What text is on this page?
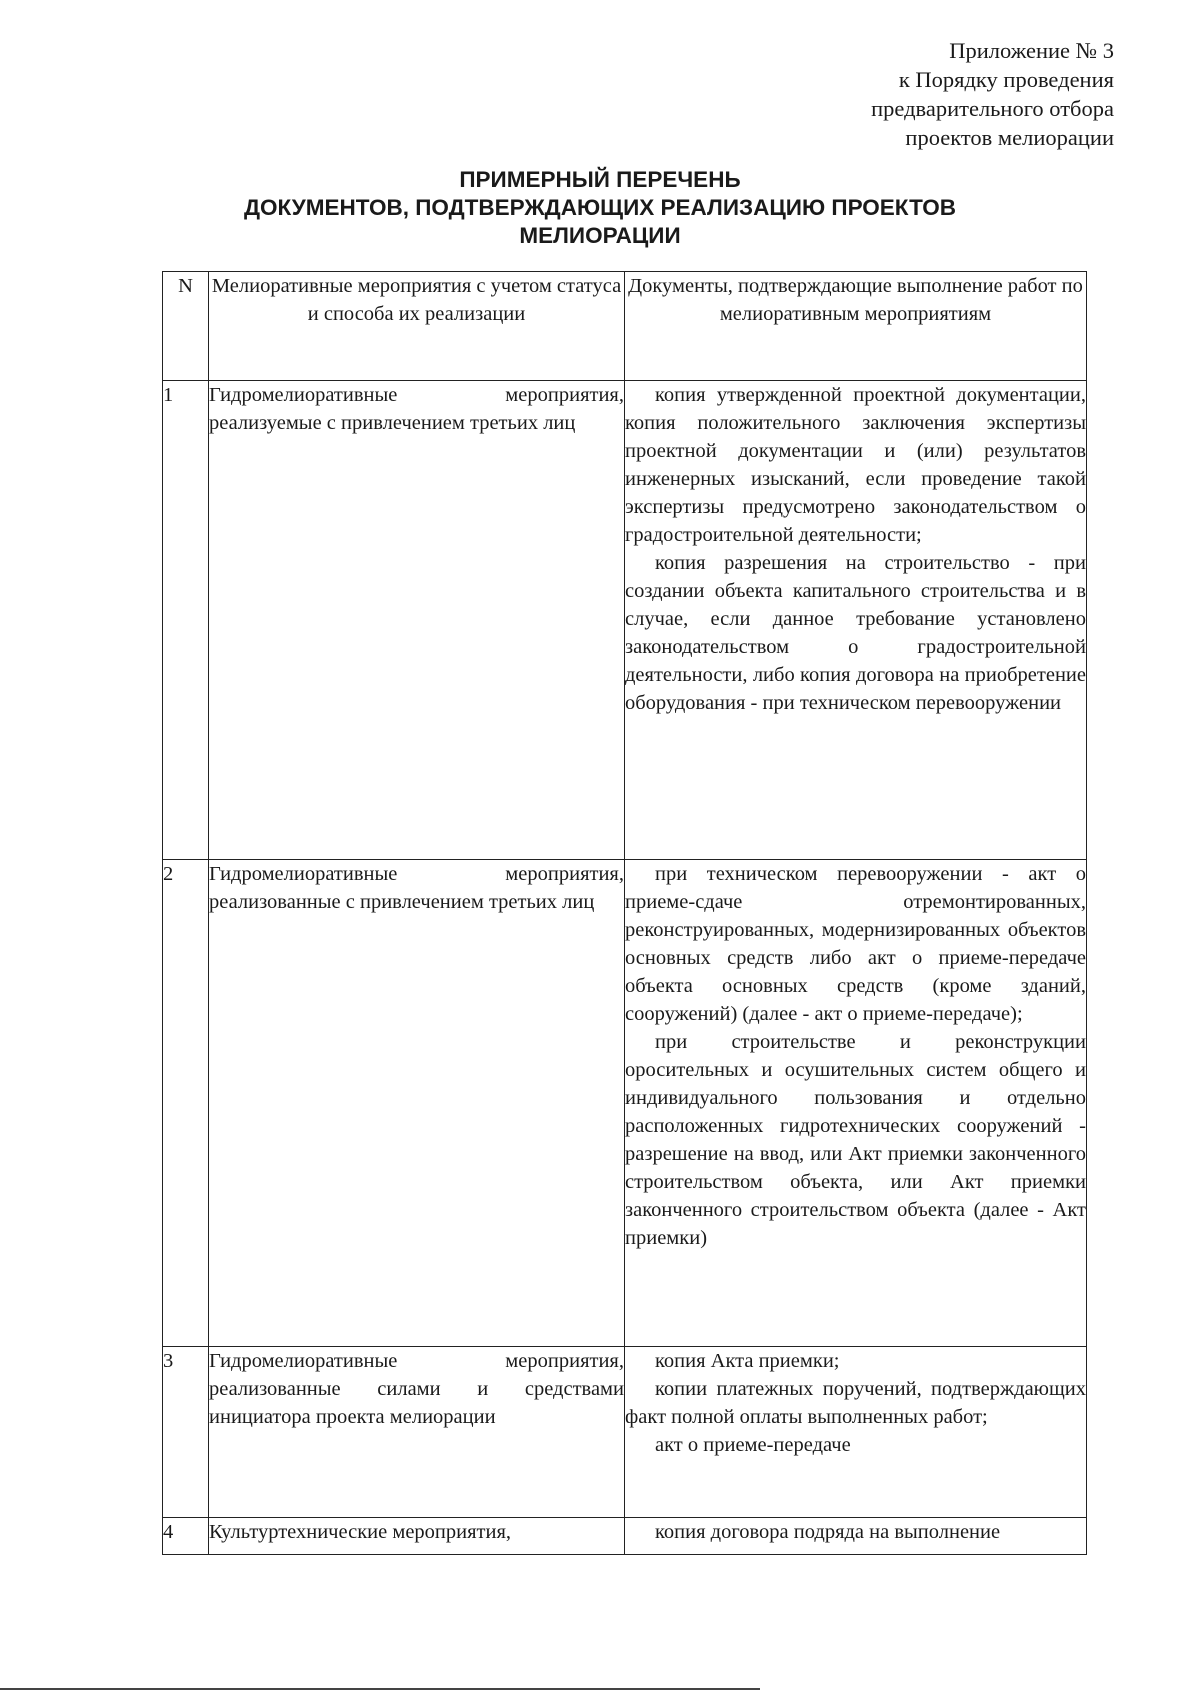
Приложение № 3
к Порядку проведения
предварительного отбора
проектов мелиорации
ПРИМЕРНЫЙ ПЕРЕЧЕНЬ
ДОКУМЕНТОВ, ПОДТВЕРЖДАЮЩИХ РЕАЛИЗАЦИЮ ПРОЕКТОВ
МЕЛИОРАЦИИ
N	Мелиоративные мероприятия с учетом статуса и способа их реализации	Документы, подтверждающие выполнение работ по мелиоративным мероприятиям
1	Гидромелиоративные мероприятия, реализуемые с привлечением третьих лиц	копия утвержденной проектной документации, копия положительного заключения экспертизы проектной документации и (или) результатов инженерных изысканий, если проведение такой экспертизы предусмотрено законодательством о градостроительной деятельности;

копия разрешения на строительство - при создании объекта капитального строительства и в случае, если данное требование установлено законодательством о градостроительной деятельности, либо копия договора на приобретение оборудования - при техническом перевооружении

2	Гидромелиоративные мероприятия, реализованные с привлечением третьих лиц	при техническом перевооружении - акт о приеме-сдаче отремонтированных, реконструированных, модернизированных объектов основных средств либо акт о приеме-передаче объекта основных средств (кроме зданий, сооружений) (далее - акт о приеме-передаче);

при строительстве и реконструкции оросительных и осушительных систем общего и индивидуального пользования и отдельно расположенных гидротехнических сооружений - разрешение на ввод, или Акт приемки законченного строительством объекта, или Акт приемки законченного строительством объекта (далее - Акт приемки)

3	Гидромелиоративные мероприятия, реализованные силами и средствами инициатора проекта мелиорации	копия Акта приемки;

копии платежных поручений, подтверждающих факт полной оплаты выполненных работ;

акт о приеме-передаче

4	Культуртехнические мероприятия,	копия договора подряда на выполнение
